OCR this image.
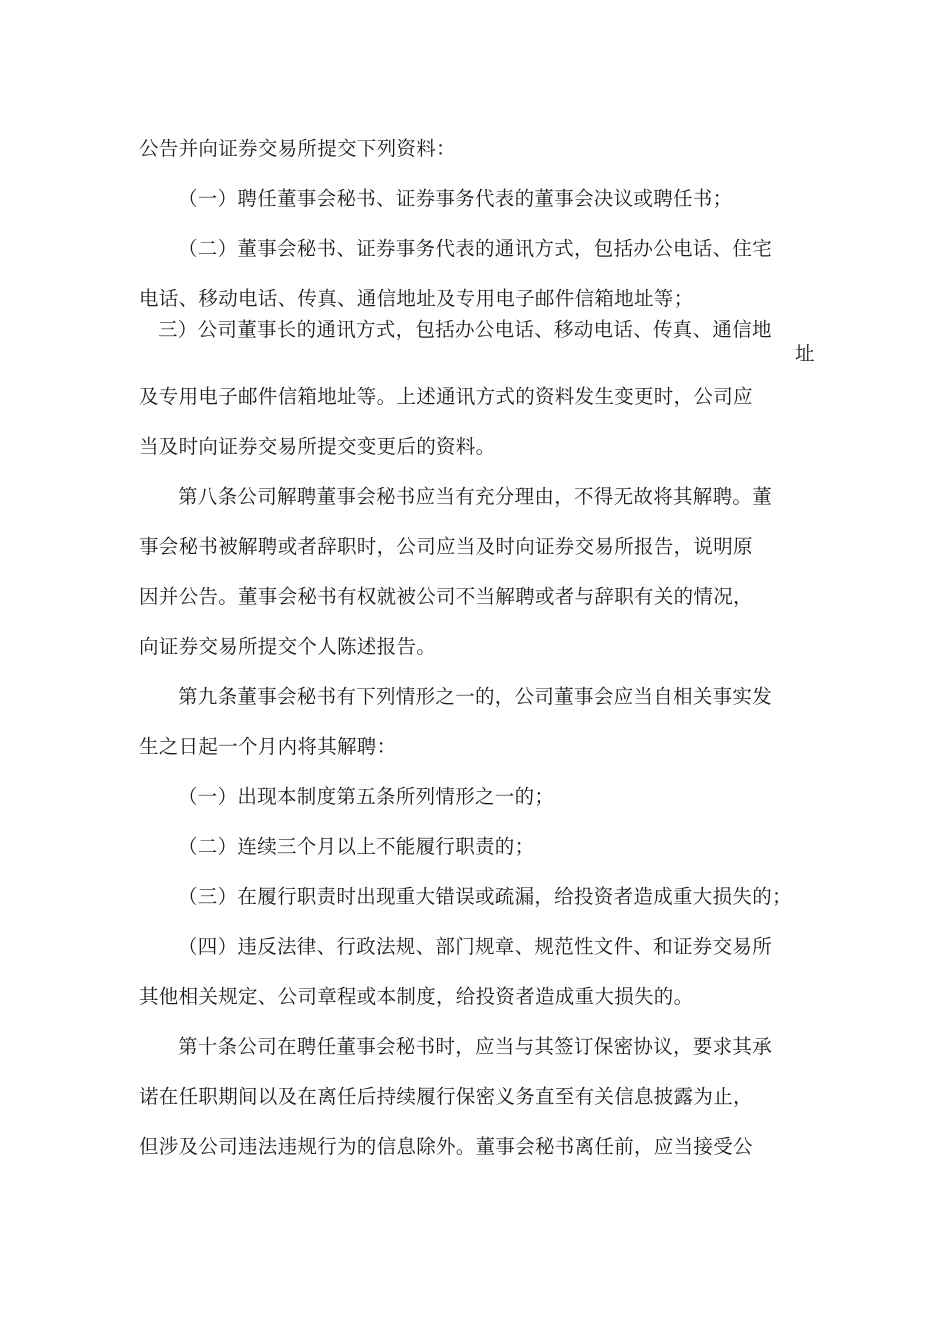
公告并向证券交易所提交下列资料：
（一）聘任董事会秘书、证券事务代表的董事会决议或聘任书；
（二）董事会秘书、证券事务代表的通讯方式，包括办公电话、住宅
电话、移动电话、传真、通信地址及专用电子邮件信箱地址等；
三）公司董事长的通讯方式，包括办公电话、移动电话、传真、通信地
址
及专用电子邮件信箱地址等。上述通讯方式的资料发生变更时，公司应
当及时向证券交易所提交变更后的资料。
第八条公司解聘董事会秘书应当有充分理由，不得无故将其解聘。董
事会秘书被解聘或者辞职时，公司应当及时向证券交易所报告，说明原
因并公告。董事会秘书有权就被公司不当解聘或者与辞职有关的情况，
向证券交易所提交个人陈述报告。
第九条董事会秘书有下列情形之一的，公司董事会应当自相关事实发
生之日起一个月内将其解聘：
（一）出现本制度第五条所列情形之一的；
（二）连续三个月以上不能履行职责的；
（三）在履行职责时出现重大错误或疏漏，给投资者造成重大损失的；
（四）违反法律、行政法规、部门规章、规范性文件、和证券交易所
其他相关规定、公司章程或本制度，给投资者造成重大损失的。
第十条公司在聘任董事会秘书时，应当与其签订保密协议，要求其承
诺在任职期间以及在离任后持续履行保密义务直至有关信息披露为止，
但涉及公司违法违规行为的信息除外。董事会秘书离任前，应当接受公
